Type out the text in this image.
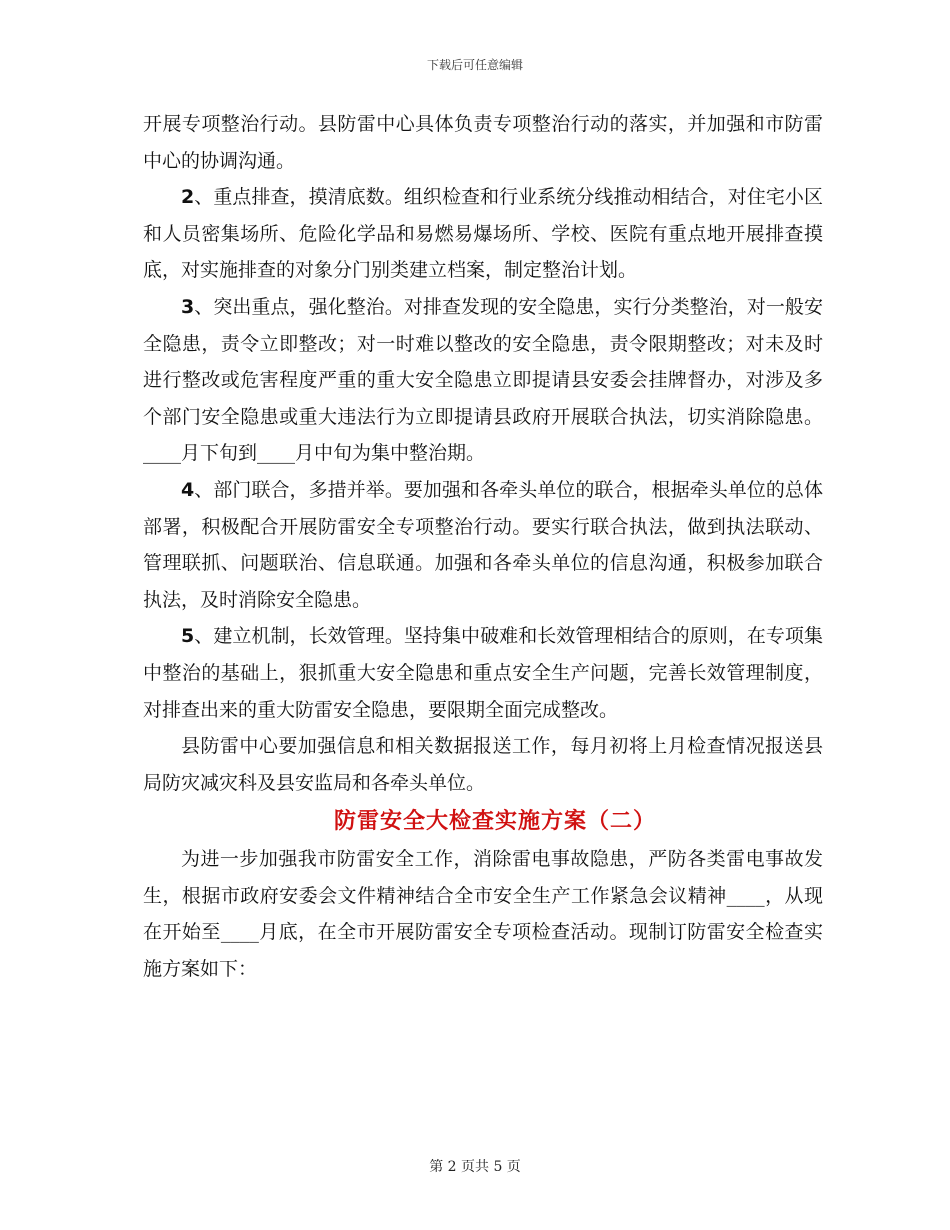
下载后可任意编辑

开展专项整治行动。县防雷中心具体负责专项整治行动的落实，并加强和市防雷中心的协调沟通。

2、重点排查，摸清底数。组织检查和行业系统分线推动相结合，对住宅小区和人员密集场所、危险化学品和易燃易爆场所、学校、医院有重点地开展排查摸底，对实施排查的对象分门别类建立档案，制定整治计划。

3、突出重点，强化整治。对排查发现的安全隐患，实行分类整治，对一般安全隐患，责令立即整改；对一时难以整改的安全隐患，责令限期整改；对未及时进行整改或危害程度严重的重大安全隐患立即提请县安委会挂牌督办，对涉及多个部门安全隐患或重大违法行为立即提请县政府开展联合执法，切实消除隐患。____月下旬到____月中旬为集中整治期。

4、部门联合，多措并举。要加强和各牵头单位的联合，根据牵头单位的总体部署，积极配合开展防雷安全专项整治行动。要实行联合执法，做到执法联动、管理联抓、问题联治、信息联通。加强和各牵头单位的信息沟通，积极参加联合执法，及时消除安全隐患。

5、建立机制，长效管理。坚持集中破难和长效管理相结合的原则，在专项集中整治的基础上，狠抓重大安全隐患和重点安全生产问题，完善长效管理制度，对排查出来的重大防雷安全隐患，要限期全面完成整改。

县防雷中心要加强信息和相关数据报送工作，每月初将上月检查情况报送县局防灾减灾科及县安监局和各牵头单位。

防雷安全大检查实施方案（二）

为进一步加强我市防雷安全工作，消除雷电事故隐患，严防各类雷电事故发生，根据市政府安委会文件精神结合全市安全生产工作紧急会议精神____，从现在开始至____月底，在全市开展防雷安全专项检查活动。现制订防雷安全检查实施方案如下：

第 2 页共 5 页
